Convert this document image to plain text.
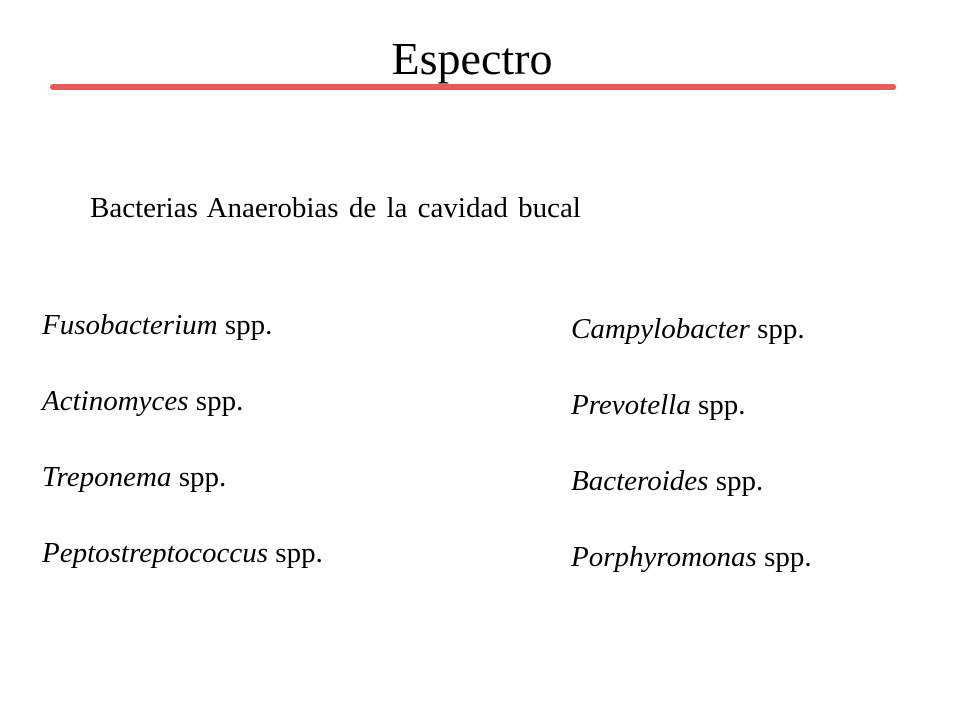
Espectro
Bacterias Anaerobias de la cavidad bucal
Fusobacterium spp.
Actinomyces spp.
Treponema spp.
Peptostreptococcus spp.
Campylobacter spp.
Prevotella spp.
Bacteroides spp.
Porphyromonas spp.
